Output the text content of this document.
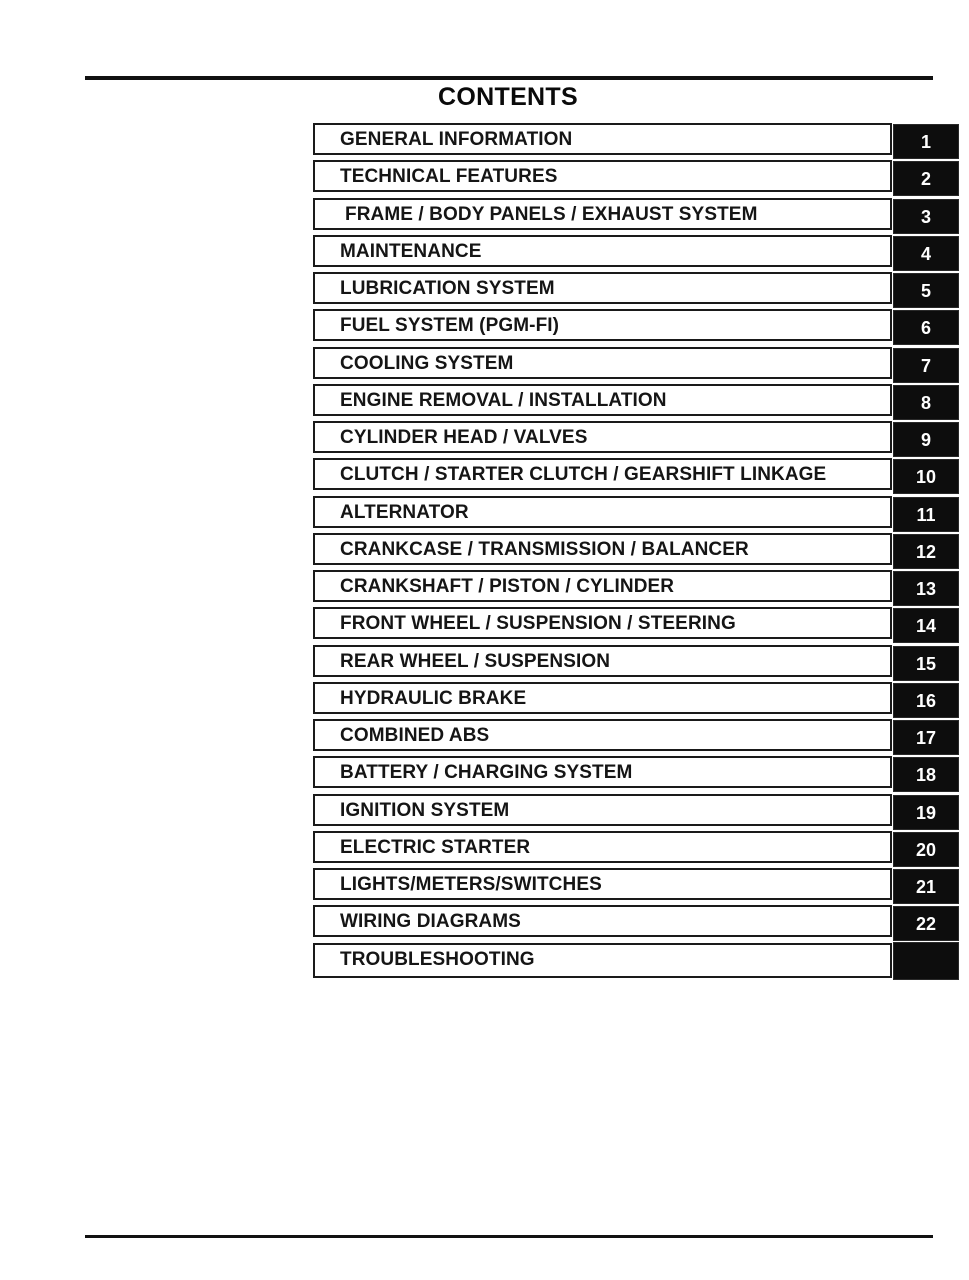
CONTENTS
GENERAL INFORMATION	1
TECHNICAL FEATURES	2
FRAME / BODY PANELS / EXHAUST SYSTEM	3
MAINTENANCE	4
LUBRICATION SYSTEM	5
FUEL SYSTEM (PGM-FI)	6
COOLING SYSTEM	7
ENGINE REMOVAL / INSTALLATION	8
CYLINDER HEAD / VALVES	9
CLUTCH / STARTER CLUTCH / GEARSHIFT LINKAGE	10
ALTERNATOR	11
CRANKCASE / TRANSMISSION / BALANCER	12
CRANKSHAFT / PISTON / CYLINDER	13
FRONT WHEEL / SUSPENSION / STEERING	14
REAR WHEEL / SUSPENSION	15
HYDRAULIC BRAKE	16
COMBINED ABS	17
BATTERY / CHARGING SYSTEM	18
IGNITION SYSTEM	19
ELECTRIC STARTER	20
LIGHTS/METERS/SWITCHES	21
WIRING DIAGRAMS	22
TROUBLESHOOTING
